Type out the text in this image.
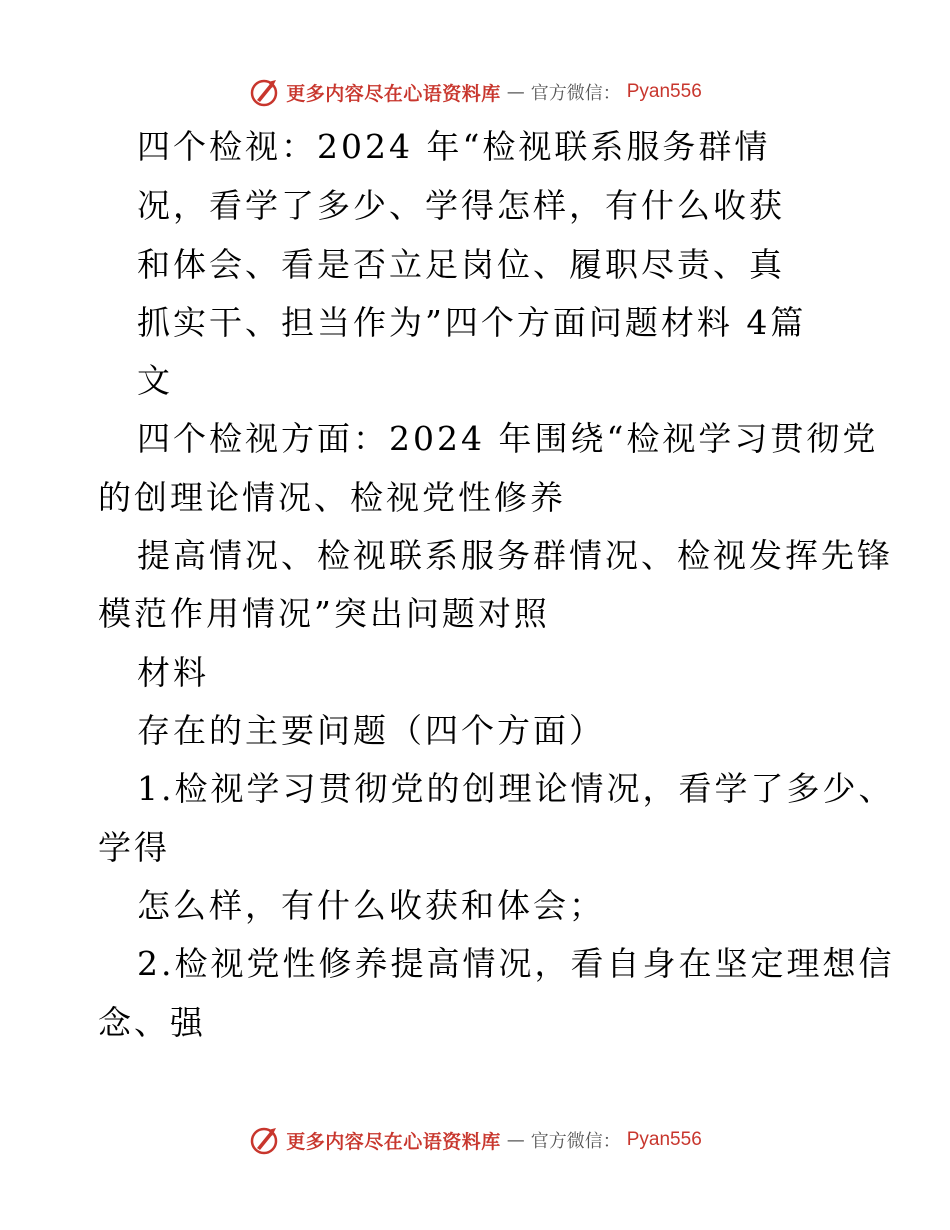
更多内容尽在心语资料库 — 官方微信： Pyan556
四个检视：2024 年“检视联系服务群情
况，看学了多少、学得怎样，有什么收获
和体会、看是否立足岗位、履职尽责、真
抓实干、担当作为”四个方面问题材料 4篇
文
四个检视方面：2024 年围绕“检视学习贯彻党
的创理论情况、检视党性修养
提高情况、检视联系服务群情况、检视发挥先锋
模范作用情况”突出问题对照
材料
存在的主要问题（四个方面）
1.检视学习贯彻党的创理论情况，看学了多少、
学得
怎么样，有什么收获和体会；
2.检视党性修养提高情况，看自身在坚定理想信
念、强
更多内容尽在心语资料库 — 官方微信： Pyan556
